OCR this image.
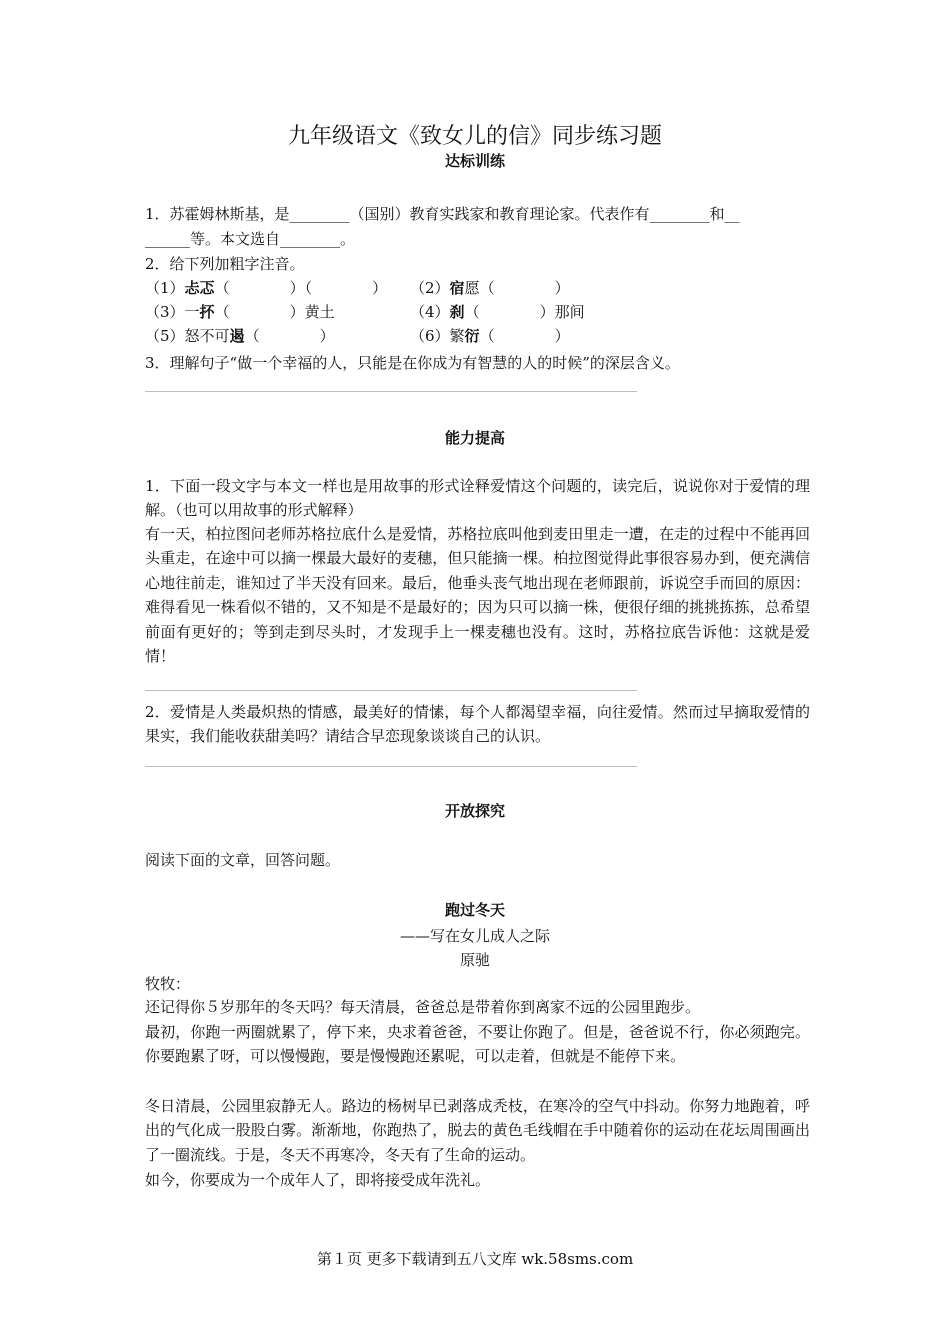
九年级语文《致女儿的信》同步练习题
达标训练
1．苏霍姆林斯基，是________（国别）教育实践家和教育理论家。代表作有________和__
______等。本文选自________。
2．给下列加粗字注音。
（1）忐忑（　　　　）（　　　　） （2）宿愿（　　　　）
（3）一抔（　　　　）黄土	（4）刹（　　　　）那间
（5）怒不可遏（　　　　）	（6）繁衍（　　　　）
3．理解句子“做一个幸福的人，只能是在你成为有智慧的人的时候”的深层含义。
能力提高
1．下面一段文字与本文一样也是用故事的形式诠释爱情这个问题的，读完后，说说你对于爱情的理解。（也可以用故事的形式解释）
有一天，柏拉图问老师苏格拉底什么是爱情，苏格拉底叫他到麦田里走一遭，在走的过程中不能再回头重走，在途中可以摘一棵最大最好的麦穗，但只能摘一棵。柏拉图觉得此事很容易办到，便充满信心地往前走，谁知过了半天没有回来。最后，他垂头丧气地出现在老师跟前，诉说空手而回的原因：难得看见一株看似不错的，又不知是不是最好的；因为只可以摘一株，便很仔细的挑挑拣拣，总希望前面有更好的；等到走到尽头时，才发现手上一棵麦穗也没有。这时，苏格拉底告诉他：这就是爱情！
2．爱情是人类最炽热的情感，最美好的情愫，每个人都渴望幸福，向往爱情。然而过早摘取爱情的果实，我们能收获甜美吗？请结合早恋现象谈谈自己的认识。
开放探究
阅读下面的文章，回答问题。
跑过冬天
——写在女儿成人之际
原驰
牧牧：
还记得你５岁那年的冬天吗？每天清晨，爸爸总是带着你到离家不远的公园里跑步。
最初，你跑一两圈就累了，停下来，央求着爸爸，不要让你跑了。但是，爸爸说不行，你必须跑完。你要跑累了呀，可以慢慢跑，要是慢慢跑还累呢，可以走着，但就是不能停下来。
冬日清晨，公园里寂静无人。路边的杨树早已剥落成秃枝，在寒冷的空气中抖动。你努力地跑着，呼出的气化成一股股白雾。渐渐地，你跑热了，脱去的黄色毛线帽在手中随着你的运动在花坛周围画出了一圈流线。于是，冬天不再寒冷，冬天有了生命的运动。
如今，你要成为一个成年人了，即将接受成年洗礼。
第１页 更多下载请到五八文库 wk.58sms.com
